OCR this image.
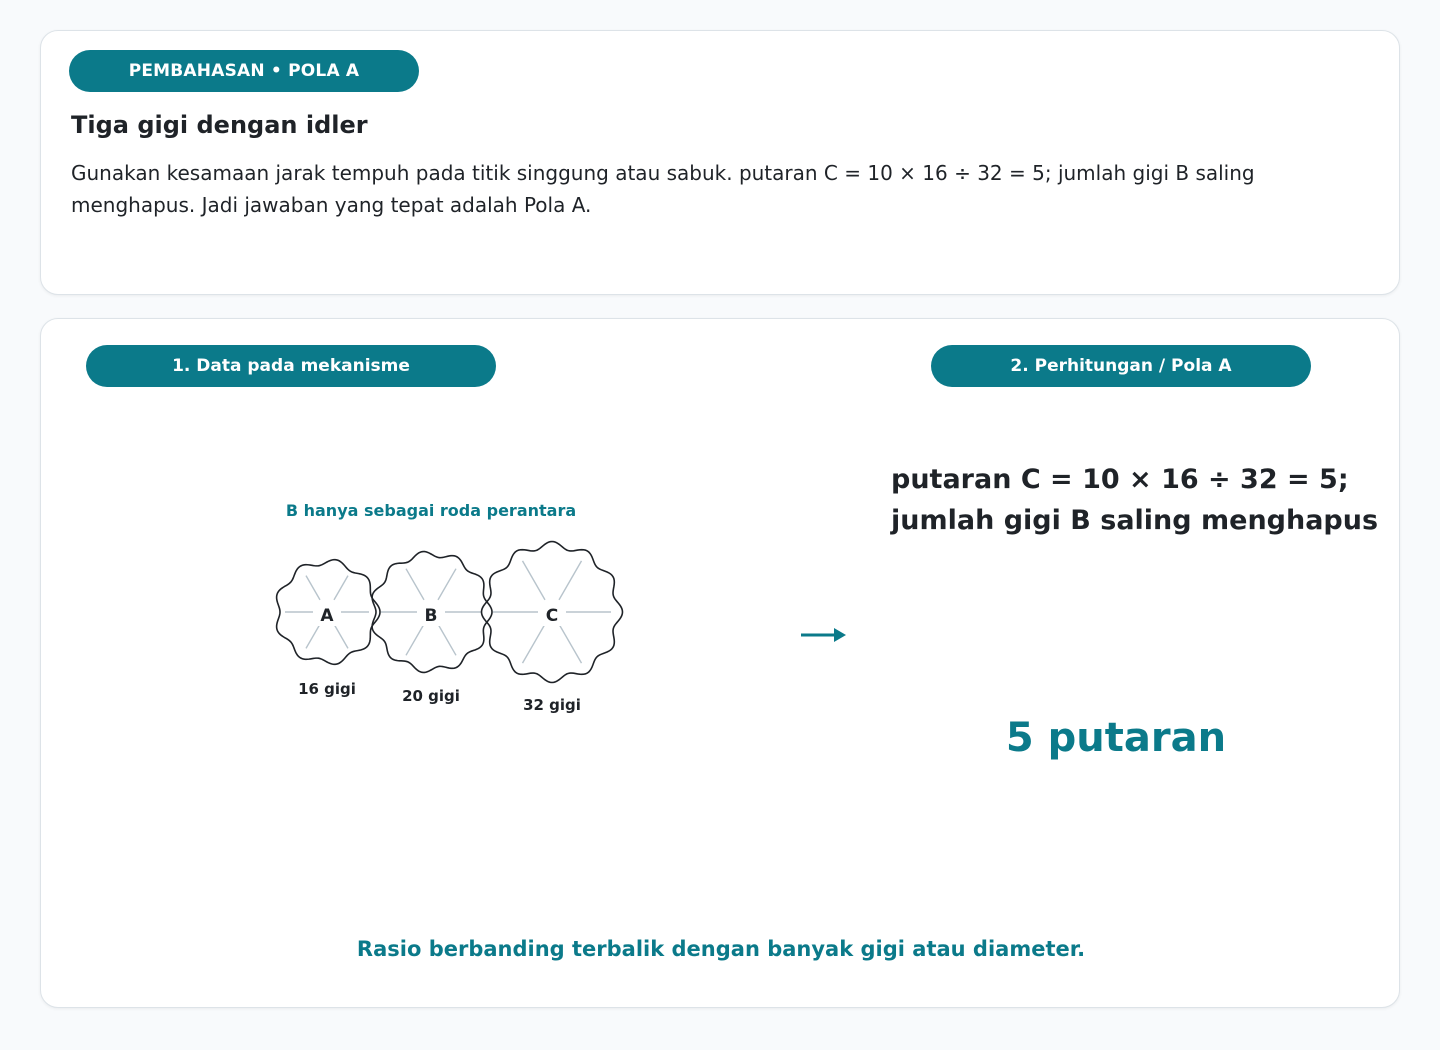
PEMBAHASAN • POLA A
Tiga gigi dengan idler

Gunakan kesamaan jarak tempuh pada titik singgung atau sabuk. putaran C = 10 × 16 ÷ 32 = 5; jumlah gigi B saling menghapus. Jadi jawaban yang tepat adalah Pola A.

1. Data pada mekanisme	2. Perhitungan / Pola A
B hanya sebagai roda perantara
A
16 gigi
B
20 gigi
C
32 gigi
putaran C = 10 × 16 ÷ 32 = 5;
jumlah gigi B saling menghapus
5 putaran
Rasio berbanding terbalik dengan banyak gigi atau diameter.
